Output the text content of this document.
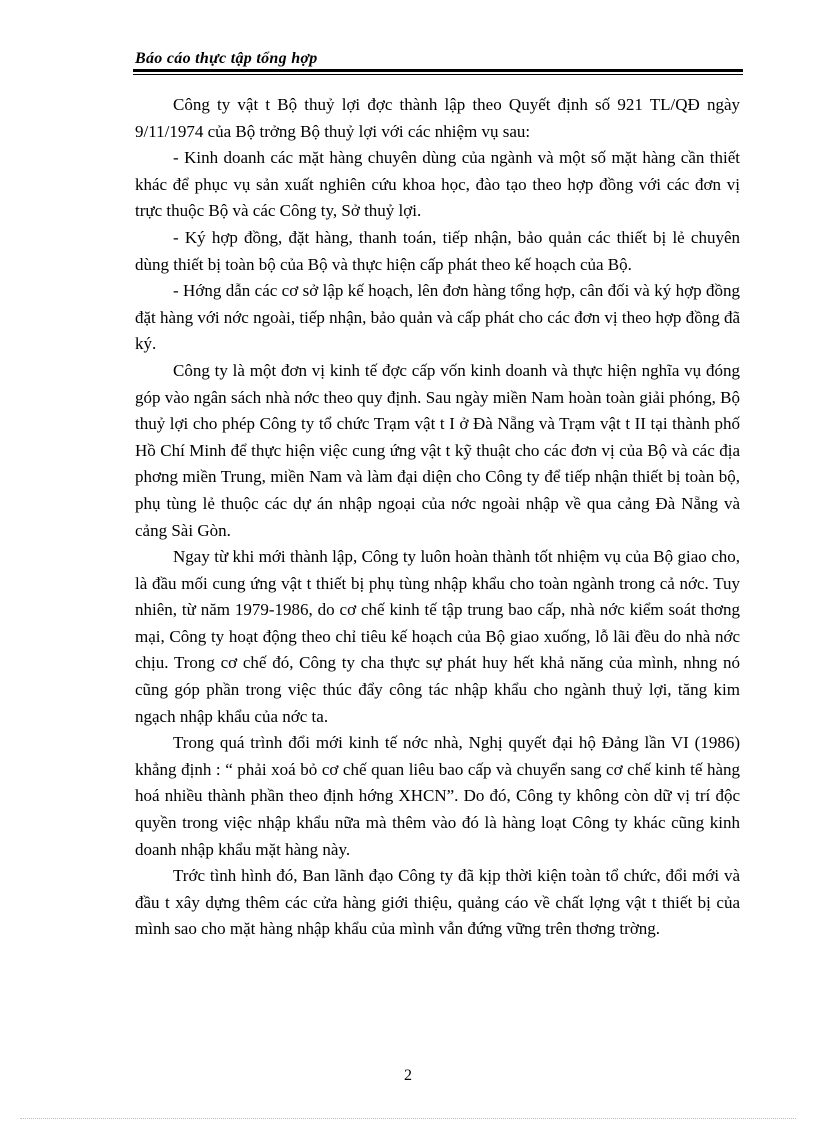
Báo cáo thực tập tổng hợp

Công ty vật t Bộ thuỷ lợi đợc thành lập theo Quyết định số 921 TL/QĐ ngày 9/11/1974 của Bộ trởng Bộ thuỷ lợi với các nhiệm vụ sau:

- Kinh doanh các mặt hàng chuyên dùng của ngành và một số mặt hàng cần thiết khác để phục vụ sản xuất nghiên cứu khoa học, đào tạo theo hợp đồng với các đơn vị trực thuộc Bộ và các Công ty, Sở thuỷ lợi.

- Ký hợp đồng, đặt hàng, thanh toán, tiếp nhận, bảo quản các thiết bị lẻ chuyên dùng thiết bị toàn bộ của Bộ và thực hiện cấp phát theo kế hoạch của Bộ.

- Hớng dẫn các cơ sở lập kế hoạch, lên đơn hàng tổng hợp, cân đối và ký hợp đồng đặt hàng với nớc ngoài, tiếp nhận, bảo quản và cấp phát cho các đơn vị theo hợp đồng đã ký.

Công ty là một đơn vị kinh tế đợc cấp vốn kinh doanh và thực hiện nghĩa vụ đóng góp vào ngân sách nhà nớc theo quy định. Sau ngày miền Nam hoàn toàn giải phóng, Bộ thuỷ lợi cho phép Công ty tổ chức Trạm vật t I ở Đà Nẵng và Trạm vật t II tại thành phố Hồ Chí Minh để thực hiện việc cung ứng vật t kỹ thuật cho các đơn vị của Bộ và các địa phơng miền Trung, miền Nam và làm đại diện cho Công ty để tiếp nhận thiết bị toàn bộ, phụ tùng lẻ thuộc các dự án nhập ngoại của nớc ngoài nhập về qua cảng Đà Nẵng và cảng Sài Gòn.

Ngay từ khi mới thành lập, Công ty luôn hoàn thành tốt nhiệm vụ của Bộ giao cho, là đầu mối cung ứng vật t thiết bị phụ tùng nhập khẩu cho toàn ngành trong cả nớc. Tuy nhiên, từ năm 1979-1986, do cơ chế kinh tế tập trung bao cấp, nhà nớc kiểm soát thơng mại, Công ty hoạt động theo chỉ tiêu kế hoạch của Bộ giao xuống, lỗ lãi đều do nhà nớc chịu. Trong cơ chế đó, Công ty cha thực sự phát huy hết khả năng của mình, nhng nó cũng góp phần trong việc thúc đẩy công tác nhập khẩu cho ngành thuỷ lợi, tăng kim ngạch nhập khẩu của nớc ta.

Trong quá trình đổi mới kinh tế nớc nhà, Nghị quyết đại hộ Đảng lần VI (1986) khẳng định : “ phải xoá bỏ cơ chế quan liêu bao cấp và chuyển sang cơ chế kinh tế hàng hoá nhiều thành phần theo định hớng XHCN”. Do đó, Công ty không còn dữ vị trí độc quyền trong việc nhập khẩu nữa mà thêm vào đó là hàng loạt Công ty khác cũng kinh doanh nhập khẩu mặt hàng này.

Trớc tình hình đó, Ban lãnh đạo Công ty đã kịp thời kiện toàn tổ chức, đổi mới và đầu t xây dựng thêm các cửa hàng giới thiệu, quảng cáo về chất lợng vật t thiết bị của mình sao cho mặt hàng nhập khẩu của mình vẫn đứng vững trên thơng trờng.

2
